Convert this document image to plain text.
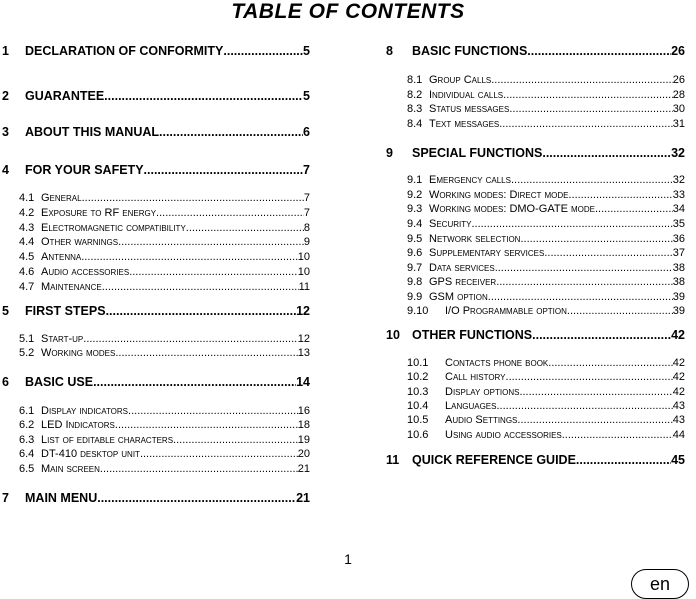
TABLE OF CONTENTS
1	DECLARATION OF CONFORMITY .....	5
2	GUARANTEE .....	5
3	ABOUT THIS MANUAL .....	6
4	FOR YOUR SAFETY .....	7
4.1 General .....	7
4.2 Exposure to RF energy .....	7
4.3 Electromagnetic compatibility .....	8
4.4 Other warnings .....	9
4.5 Antenna .....	10
4.6 Audio accessories .....	10
4.7 Maintenance .....	11
5	FIRST STEPS .....	12
5.1 Start-up .....	12
5.2 Working modes. .....	13
6	BASIC USE .....	14
6.1 Display indicators .....	16
6.2 LED Indicators. .....	18
6.3 List of editable characters .....	19
6.4 DT-410 desktop unit .....	20
6.5 Main screen .....	21
7	MAIN MENU .....	21
8	BASIC FUNCTIONS .....	26
8.1 Group Calls .....	26
8.2 Individual calls .....	28
8.3 Status messages .....	30
8.4 Text messages .....	31
9	SPECIAL FUNCTIONS .....	32
9.1 Emergency calls .....	32
9.2 Working modes: Direct mode .....	33
9.3 Working modes: DMO-GATE mode .....	34
9.4 Security .....	35
9.5 Network selection .....	36
9.6 Supplementary services .....	37
9.7 Data services .....	38
9.8 GPS receiver .....	38
9.9 GSM option .....	39
9.10	I/O Programmable option .....	39
10 OTHER FUNCTIONS .....	42
10.1	Contacts phone book .....	42
10.2	Call history .....	42
10.3	Display options .....	42
10.4	Languages .....	43
10.5	Audio Settings .....	43
10.6	Using audio accessories .....	44
11	QUICK REFERENCE GUIDE .....	45
1
en
